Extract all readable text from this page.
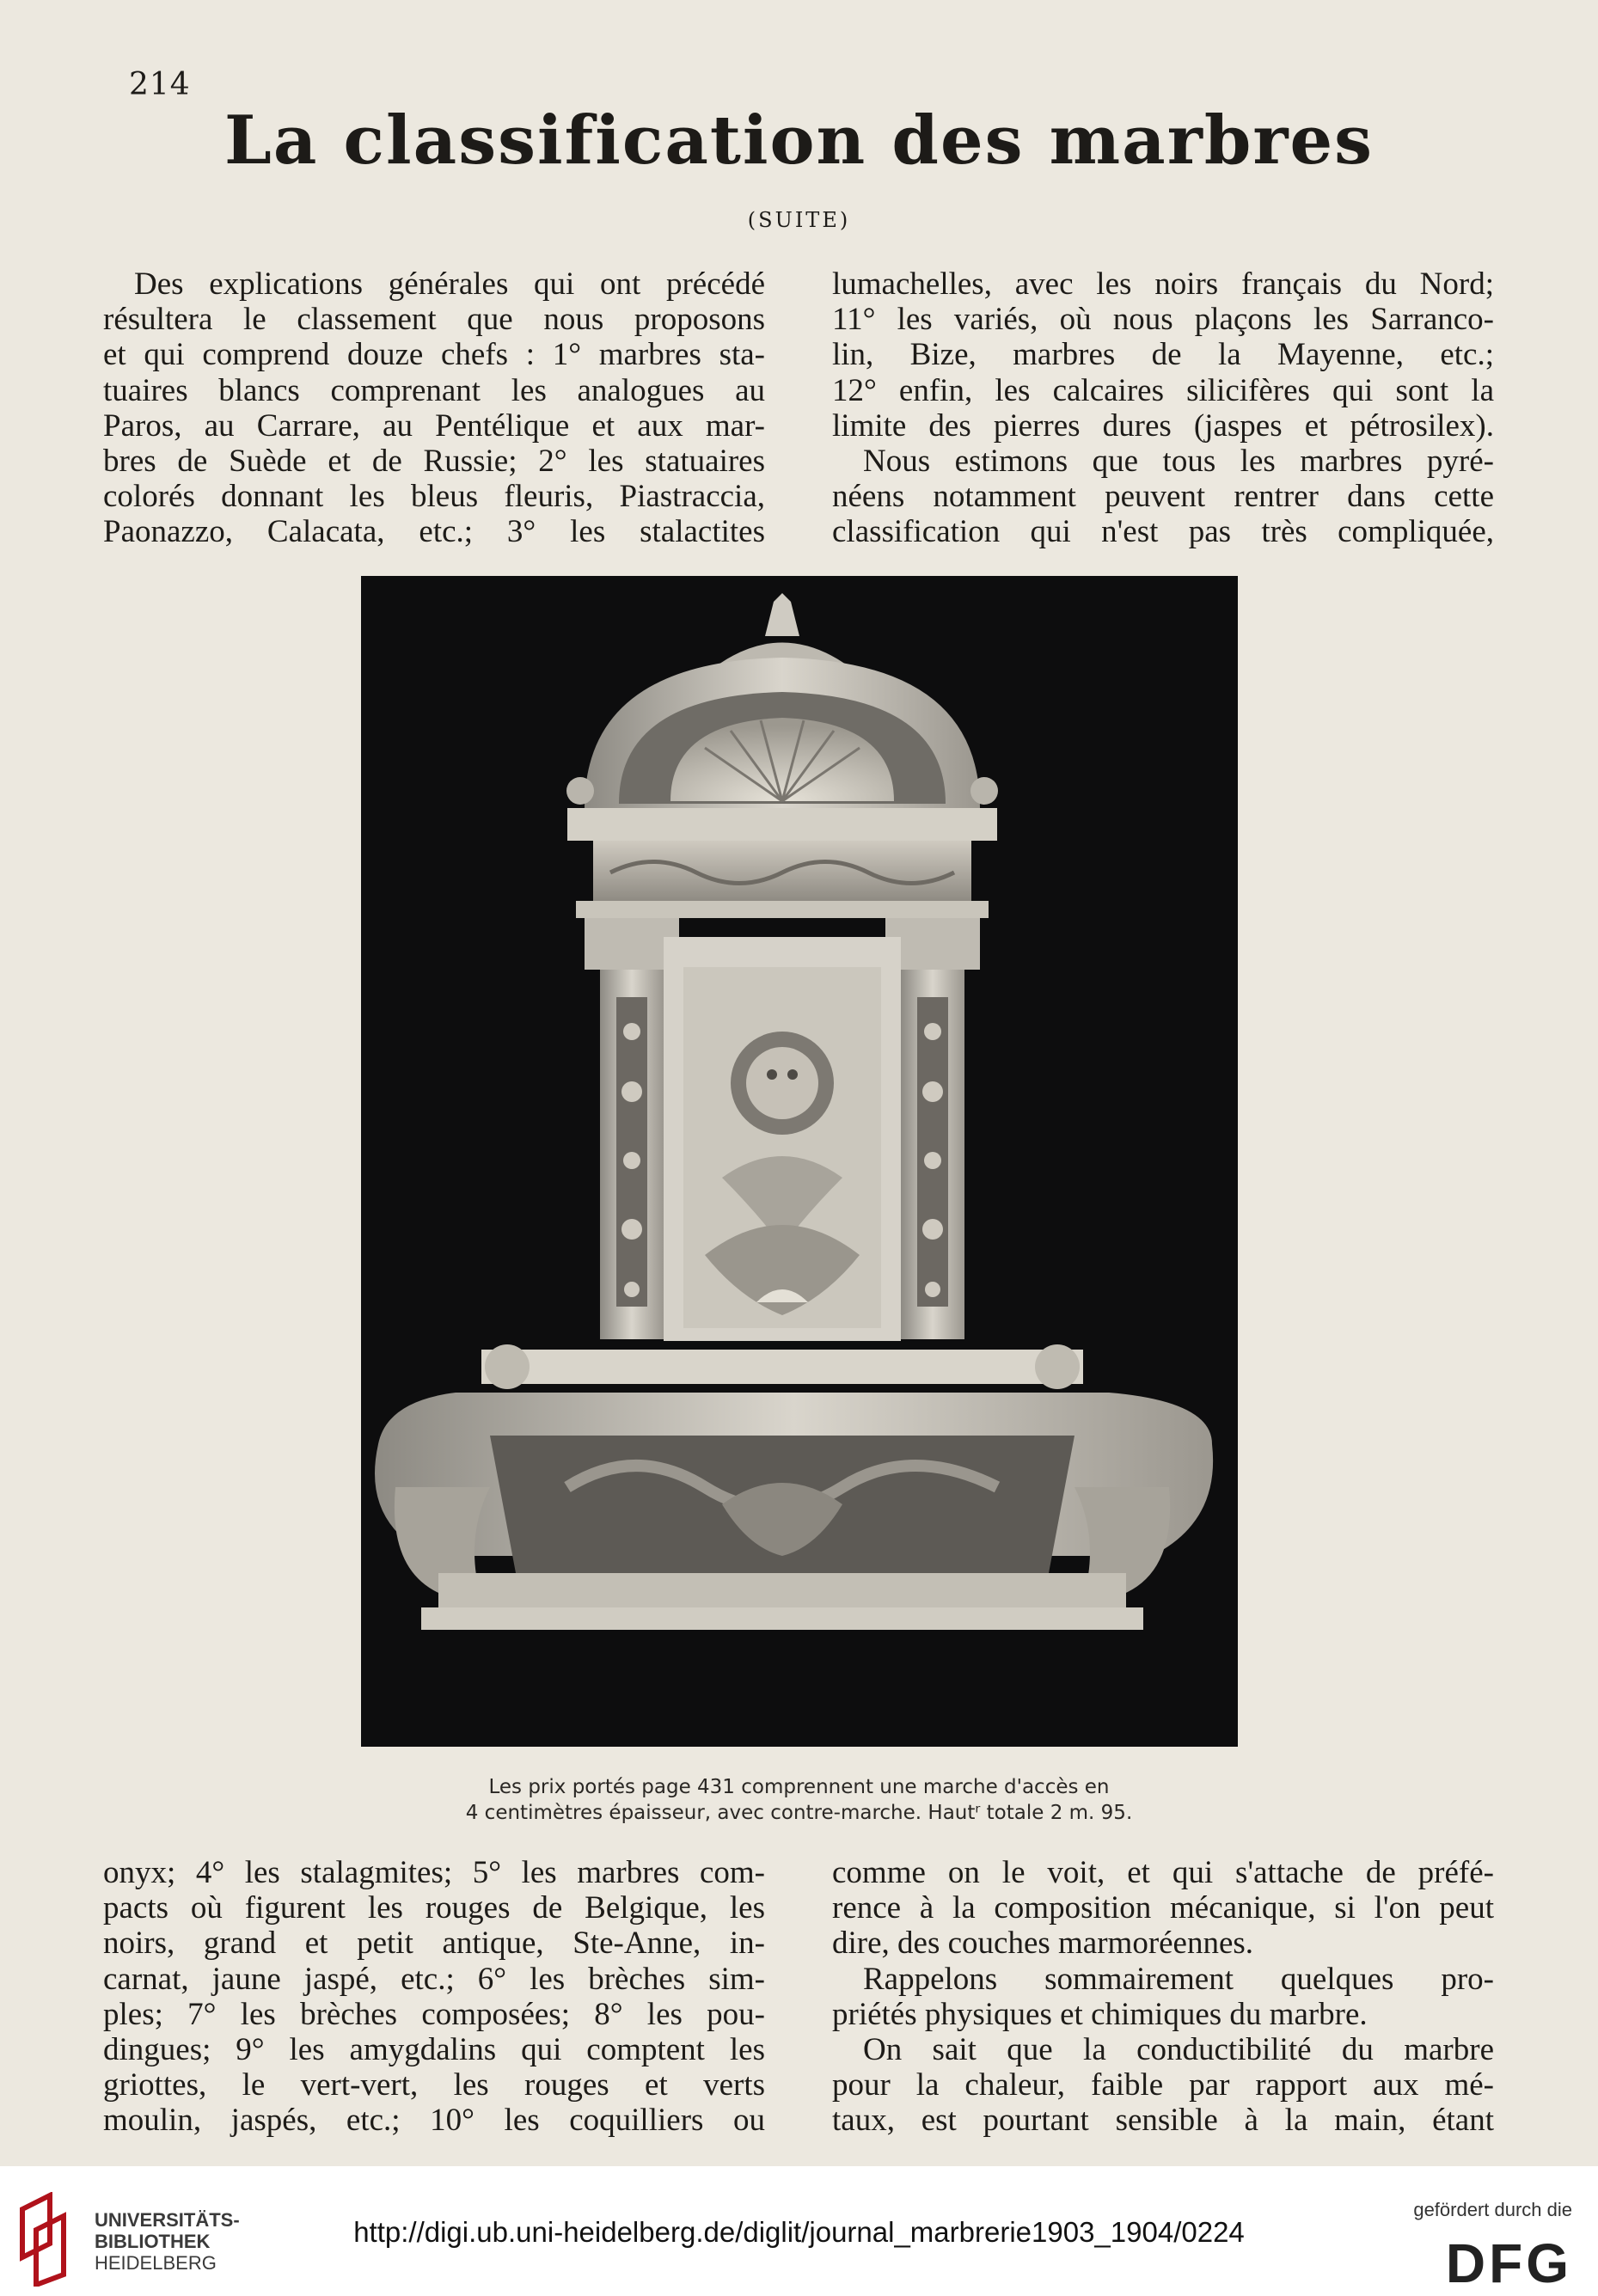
214
La classification des marbres
(SUITE)
Des explications générales qui ont précédé
résultera le classement que nous proposons
et qui comprend douze chefs : 1° marbres sta-
tuaires blancs comprenant les analogues au
Paros, au Carrare, au Pentélique et aux mar-
bres de Suède et de Russie; 2° les statuaires
colorés donnant les bleus fleuris, Piastraccia,
Paonazzo, Calacata, etc.; 3° les stalactites
lumachelles, avec les noirs français du Nord;
11° les variés, où nous plaçons les Sarranco-
lin, Bize, marbres de la Mayenne, etc.;
12° enfin, les calcaires silicifères qui sont la
limite des pierres dures (jaspes et pétrosilex).
Nous estimons que tous les marbres pyré-
néens notamment peuvent rentrer dans cette
classification qui n'est pas très compliquée,
Les prix portés page 431 comprennent une marche d'accès en
4 centimètres épaisseur, avec contre-marche. Hautʳ totale 2 m. 95.
onyx; 4° les stalagmites; 5° les marbres com-
pacts où figurent les rouges de Belgique, les
noirs, grand et petit antique, Ste-Anne, in-
carnat, jaune jaspé, etc.; 6° les brèches sim-
ples; 7° les brèches composées; 8° les pou-
dingues; 9° les amygdalins qui comptent les
griottes, le vert-vert, les rouges et verts
moulin, jaspés, etc.; 10° les coquilliers ou
comme on le voit, et qui s'attache de préfé-
rence à la composition mécanique, si l'on peut
dire, des couches marmoréennes.
Rappelons sommairement quelques pro-
priétés physiques et chimiques du marbre.
On sait que la conductibilité du marbre
pour la chaleur, faible par rapport aux mé-
taux, est pourtant sensible à la main, étant
UNIVERSITÄTS-
BIBLIOTHEK
HEIDELBERG
http://digi.ub.uni-heidelberg.de/diglit/journal_marbrerie1903_1904/0224
gefördert durch die
DFG
